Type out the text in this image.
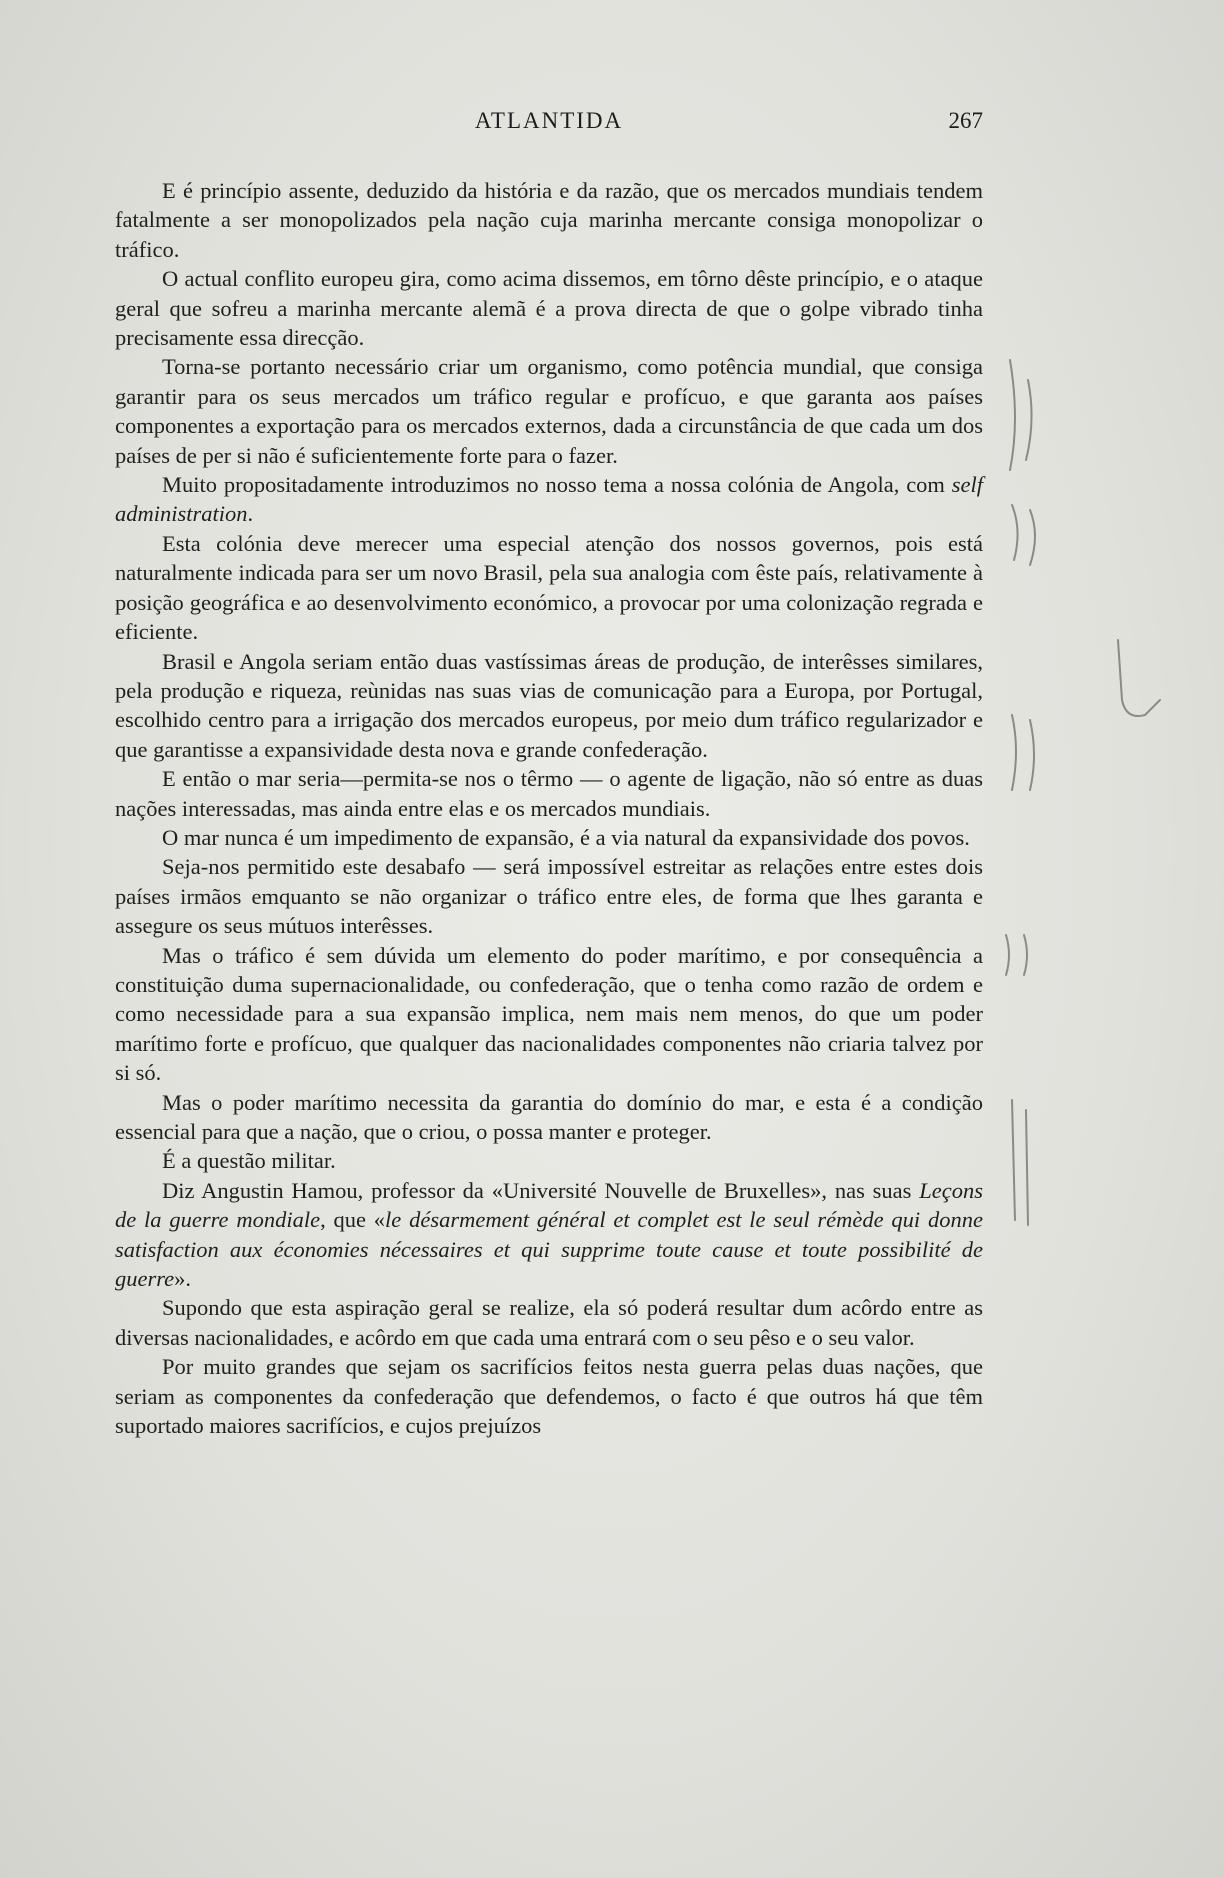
ATLANTIDA	267

E é princípio assente, deduzido da história e da razão, que os mercados mundiais tendem fatalmente a ser monopolizados pela nação cuja marinha mercante consiga monopolizar o tráfico.

O actual conflito europeu gira, como acima dissemos, em tôrno dêste princípio, e o ataque geral que sofreu a marinha mercante alemã é a prova directa de que o golpe vibrado tinha precisamente essa direcção.

Torna-se portanto necessário criar um organismo, como potência mundial, que consiga garantir para os seus mercados um tráfico regular e profícuo, e que garanta aos países componentes a exportação para os mercados externos, dada a circunstância de que cada um dos países de per si não é suficientemente forte para o fazer.

Muito propositadamente introduzimos no nosso tema a nossa colónia de Angola, com self administration.

Esta colónia deve merecer uma especial atenção dos nossos governos, pois está naturalmente indicada para ser um novo Brasil, pela sua analogia com êste país, relativamente à posição geográfica e ao desenvolvimento económico, a provocar por uma colonização regrada e eficiente.

Brasil e Angola seriam então duas vastíssimas áreas de produção, de interêsses similares, pela produção e riqueza, reùnidas nas suas vias de comunicação para a Europa, por Portugal, escolhido centro para a irrigação dos mercados europeus, por meio dum tráfico regularizador e que garantisse a expansividade desta nova e grande confederação.

E então o mar seria—permita-se nos o têrmo — o agente de ligação, não só entre as duas nações interessadas, mas ainda entre elas e os mercados mundiais.

O mar nunca é um impedimento de expansão, é a via natural da expansividade dos povos.

Seja-nos permitido este desabafo — será impossível estreitar as relações entre estes dois países irmãos emquanto se não organizar o tráfico entre eles, de forma que lhes garanta e assegure os seus mútuos interêsses.

Mas o tráfico é sem dúvida um elemento do poder marítimo, e por consequência a constituição duma supernacionalidade, ou confederação, que o tenha como razão de ordem e como necessidade para a sua expansão implica, nem mais nem menos, do que um poder marítimo forte e profícuo, que qualquer das nacionalidades componentes não criaria talvez por si só.

Mas o poder marítimo necessita da garantia do domínio do mar, e esta é a condição essencial para que a nação, que o criou, o possa manter e proteger.

É a questão militar.

Diz Angustin Hamou, professor da «Université Nouvelle de Bruxelles», nas suas Leçons de la guerre mondiale, que «le désarmement général et complet est le seul rémède qui donne satisfaction aux économies nécessaires et qui supprime toute cause et toute possibilité de guerre».

Supondo que esta aspiração geral se realize, ela só poderá resultar dum acôrdo entre as diversas nacionalidades, e acôrdo em que cada uma entrará com o seu pêso e o seu valor.

Por muito grandes que sejam os sacrifícios feitos nesta guerra pelas duas nações, que seriam as componentes da confederação que defendemos, o facto é que outros há que têm suportado maiores sacrifícios, e cujos prejuízos
